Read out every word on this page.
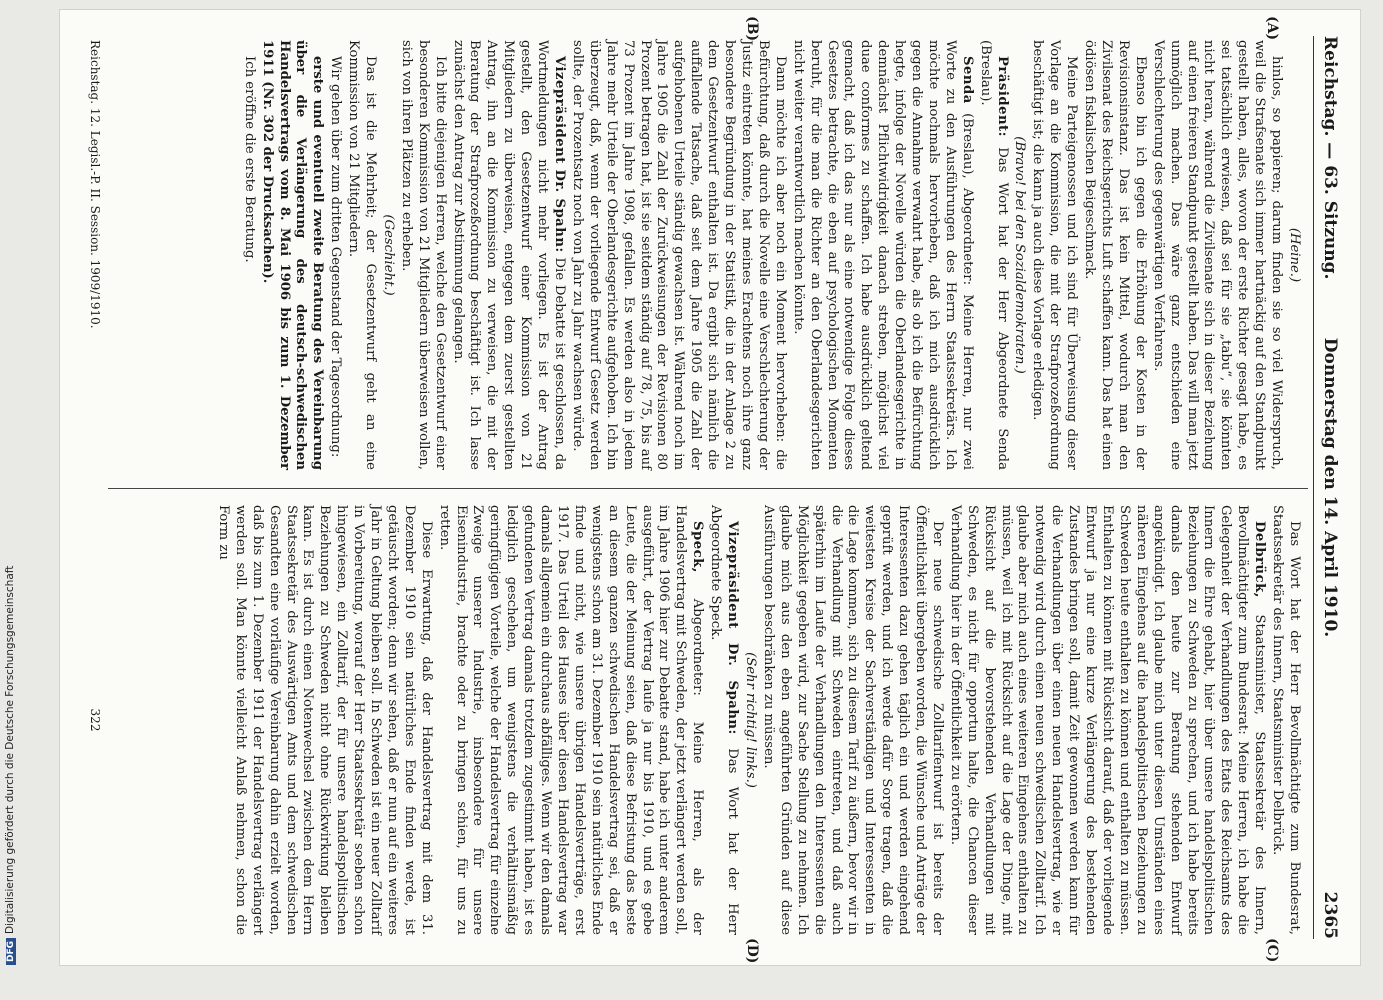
DFGDigitalisierung gefördert durch die Deutsche Forschungsgemeinschaft
Reichstag. — 63. Sitzung.
Donnerstag den 14. April 1910.
2365
(A)
(B)
(C)
(D)

(Heine.)

hinlos, so papieren; darum finden sie so viel Widerspruch, weil die Strafsenate sich immer hartnäckig auf den Standpunkt gestellt haben, alles, wovon der erste Richter gesagt habe, es sei tatsächlich erwiesen, daß sei für sie „tabu“, sie könnten nicht heran, während die Zivilsenate sich in dieser Beziehung auf einen freieren Standpunkt gestellt haben. Das will man jetzt unmöglich machen. Das wäre ganz entschieden eine Verschlechterung des gegenwärtigen Verfahrens.

Ebenso bin ich gegen die Erhöhung der Kosten in der Revisionsinstanz. Das ist kein Mittel, wodurch man den Zivilsenat des Reichsgerichts Luft schaffen kann. Das hat einen ödiösen fiskalischen Beigeschmack.

Meine Parteigenossen und ich sind für Überweisung dieser Vorlage an die Kommission, die mit der Strafprozeßordnung beschäftigt ist; die kann ja auch diese Vorlage erledigen.

(Bravo! bei den Sozialdemokraten.)

Präsident: Das Wort hat der Herr Abgeordnete Senda (Breslau).

Senda (Breslau), Abgeordneter: Meine Herren, nur zwei Worte zu den Ausführungen des Herrn Staatssekretärs. Ich möchte nochmals hervorheben, daß ich mich ausdrücklich gegen die Annahme verwahrt habe, als ob ich die Befürchtung hegte, infolge der Novelle würden die Oberlandesgerichte in demnächst Pflichtwidrigkeit danach streben, möglichst viel duae conformes zu schaffen. Ich habe ausdrücklich geltend gemacht, daß ich das nur als eine notwendige Folge dieses Gesetzes betrachte, die eben auf psychologischen Momenten beruht, für die man die Richter an den Oberlandesgerichten nicht weiter verantwortlich machen könnte.

Dann möchte ich aber noch ein Moment hervorheben: die Befürchtung, daß durch die Novelle eine Verschlechterung der Justiz eintreten könnte, hat meines Erachtens noch ihre ganz besondere Begründung in der Statistik, die in der Anlage 2 zu dem Gesetzentwurf enthalten ist. Da ergibt sich nämlich die auffallende Tatsache, daß seit dem Jahre 1905 die Zahl der aufgehobenen Urteile ständig gewachsen ist. Während noch im Jahre 1905 die Zahl der Zurückweisungen der Revisionen 80 Prozent betragen hat, ist sie seitdem ständig auf 78, 75, bis auf 73 Prozent im Jahre 1908, gefallen. Es werden also in jedem Jahre mehr Urteile der Oberlandesgerichte aufgehoben. Ich bin überzeugt, daß, wenn der vorliegende Entwurf Gesetz werden sollte, der Prozentsatz noch von Jahr zu Jahr wachsen würde.

Vizepräsident Dr. Spahn: Die Debatte ist geschlossen, da Wortmeldungen nicht mehr vorliegen. Es ist der Antrag gestellt, den Gesetzentwurf einer Kommission von 21 Mitgliedern zu überweisen, entgegen dem zuerst gestellten Antrag, ihn an die Kommission zu verweisen, die mit der Beratung der Strafprozeßordnung beschäftigt ist. Ich lasse zunächst den Antrag zur Abstimmung gelangen.

Ich bitte diejenigen Herren, welche den Gesetzentwurf einer besonderen Kommission von 21 Mitgliedern überweisen wollen, sich von ihren Plätzen zu erheben.

(Geschieht.)

Das ist die Mehrheit; der Gesetzentwurf geht an eine Kommission von 21 Mitgliedern.

Wir gehen über zum dritten Gegenstand der Tagesordnung:

erste und eventuell zweite Beratung des Vereinbarung über die Verlängerung des deutsch-schwedischen Handelsvertrags vom 8. Mai 1906 bis zum 1. Dezember 1911 (Nr. 302 der Drucksachen).

Ich eröffne die erste Beratung.

Das Wort hat der Herr Bevollmächtigte zum Bundesrat, Staatssekretär des Innern, Staatsminister Delbrück.

Delbrück, Staatsminister, Staatssekretär des Innern, Bevollmächtigter zum Bundesrat: Meine Herren, ich habe die Gelegenheit der Verhandlungen des Etats des Reichsamts des Innern die Ehre gehabt, hier über unsere handelspolitischen Beziehungen zu Schweden zu sprechen, und ich habe bereits damals den heute zur Beratung stehenden Entwurf angekündigt. Ich glaube mich unter diesen Umständen eines näheren Eingehens auf die handelspolitischen Beziehungen zu Schweden heute enthalten zu können und enthalten zu müssen. Enthalten zu können mit Rücksicht darauf, daß der vorliegende Entwurf ja nur eine kurze Verlängerung des bestehenden Zustandes bringen soll, damit Zeit gewonnen werden kann für die Verhandlungen über einen neuen Handelsvertrag, wie er notwendig wird durch einen neuen schwedischen Zolltarif. Ich glaube aber mich auch eines weiteren Eingehens enthalten zu müssen, weil ich mit Rücksicht auf die Lage der Dinge, mit Rücksicht auf die bevorstehenden Verhandlungen mit Schweden, es nicht für opportun halte, die Chancen dieser Verhandlung hier in der Öffentlichkeit zu erörtern.

Der neue schwedische Zolltarifentwurf ist bereits der Öffentlichkeit übergeben worden, die Wünsche und Anträge der Interessenten dazu gehen täglich ein und werden eingehend geprüft werden, und ich werde dafür Sorge tragen, daß die weitesten Kreise der Sachverständigen und Interessenten in die Lage kommen, sich zu diesem Tarif zu äußern, bevor wir in die Verhandlung mit Schweden eintreten, und daß auch späterhin im Laufe der Verhandlungen den Interessenten die Möglichkeit gegeben wird, zur Sache Stellung zu nehmen. Ich glaube mich aus den eben angeführten Gründen auf diese Ausführungen beschränken zu müssen.

(Sehr richtig! links.)

Vizepräsident Dr. Spahn: Das Wort hat der Herr Abgeordnete Speck.

Speck, Abgeordneter: Meine Herren, als der Handelsvertrag mit Schweden, der jetzt verlängert werden soll, im Jahre 1906 hier zur Debatte stand, habe ich unter anderem ausgeführt, der Vertrag laufe ja nur bis 1910, und es gebe Leute, die der Meinung seien, daß diese Befristung das beste an diesem ganzen schwedischen Handelsvertrag sei, daß er wenigstens schon am 31. Dezember 1910 sein natürliches Ende finde und nicht, wie unsere übrigen Handelsverträge, erst 1917. Das Urteil des Hauses über diesen Handelsvertrag war damals allgemein ein durchaus abfälliges. Wenn wir den damals gefundenen Vertrag damals trotzdem zugestimmt haben, ist es lediglich geschehen, um wenigstens die verhältnismäßig geringfügigen Vorteile, welche der Handelsvertrag für einzelne Zweige unserer Industrie, insbesondere für unsere Eisenindustrie, brachte oder zu bringen schien, für uns zu retten.

Diese Erwartung, daß der Handelsvertrag mit dem 31. Dezember 1910 sein natürliches Ende finden werde, ist getäuscht worden; denn wir sehen, daß er nun auf ein weiteres Jahr in Geltung bleiben soll. In Schweden ist ein neuer Zolltarif in Vorbereitung, worauf der Herr Staatssekretär soeben schon hingewiesen, ein Zolltarif, der für unsere handelspolitischen Beziehungen zu Schweden nicht ohne Rückwirkung bleiben kann. Es ist durch einen Notenwechsel zwischen dem Herrn Staatssekretär des Auswärtigen Amts und dem schwedischen Gesandten eine vorläufige Vereinbarung dahin erzielt worden, daß bis zum 1. Dezember 1911 der Handelsvertrag verlängert werden soll. Man könnte vielleicht Anlaß nehmen, schon die Form zu

Reichstag. 12. Legisl.-P. II. Session. 1909/1910.
322
